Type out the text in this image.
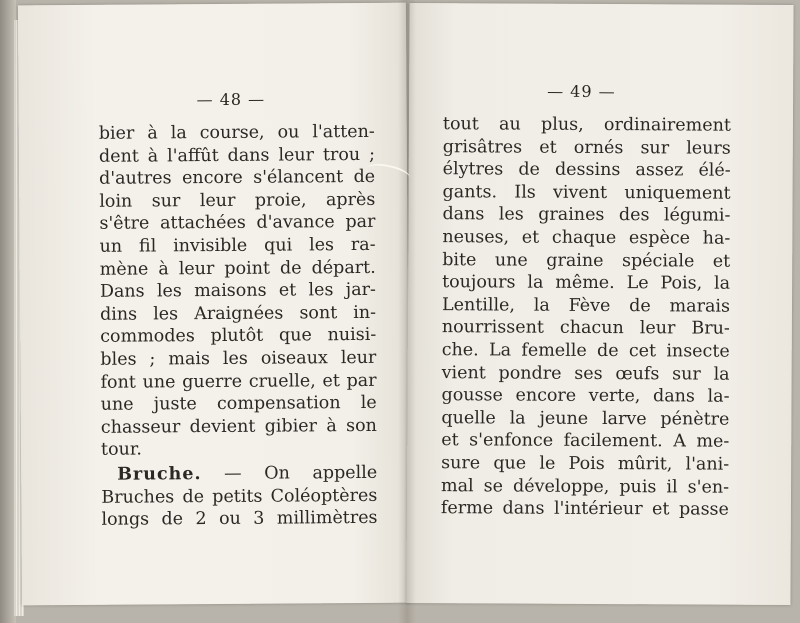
— 48 —
bier à la course, ou l'atten-
dent à l'affût dans leur trou ;
d'autres encore s'élancent de
loin sur leur proie, après
s'être attachées d'avance par
un fil invisible qui les ra-
mène à leur point de départ.
Dans les maisons et les jar-
dins les Araignées sont in-
commodes plutôt que nuisi-
bles ; mais les oiseaux leur
font une guerre cruelle, et par
une juste compensation le
chasseur devient gibier à son
tour.
Bruche. — On appelle
Bruches de petits Coléoptères
longs de 2 ou 3 millimètres
— 49 —
tout au plus, ordinairement
grisâtres et ornés sur leurs
élytres de dessins assez élé-
gants. Ils vivent uniquement
dans les graines des légumi-
neuses, et chaque espèce ha-
bite une graine spéciale et
toujours la même. Le Pois, la
Lentille, la Fève de marais
nourrissent chacun leur Bru-
che. La femelle de cet insecte
vient pondre ses œufs sur la
gousse encore verte, dans la-
quelle la jeune larve pénètre
et s'enfonce facilement. A me-
sure que le Pois mûrit, l'ani-
mal se développe, puis il s'en-
ferme dans l'intérieur et passe
